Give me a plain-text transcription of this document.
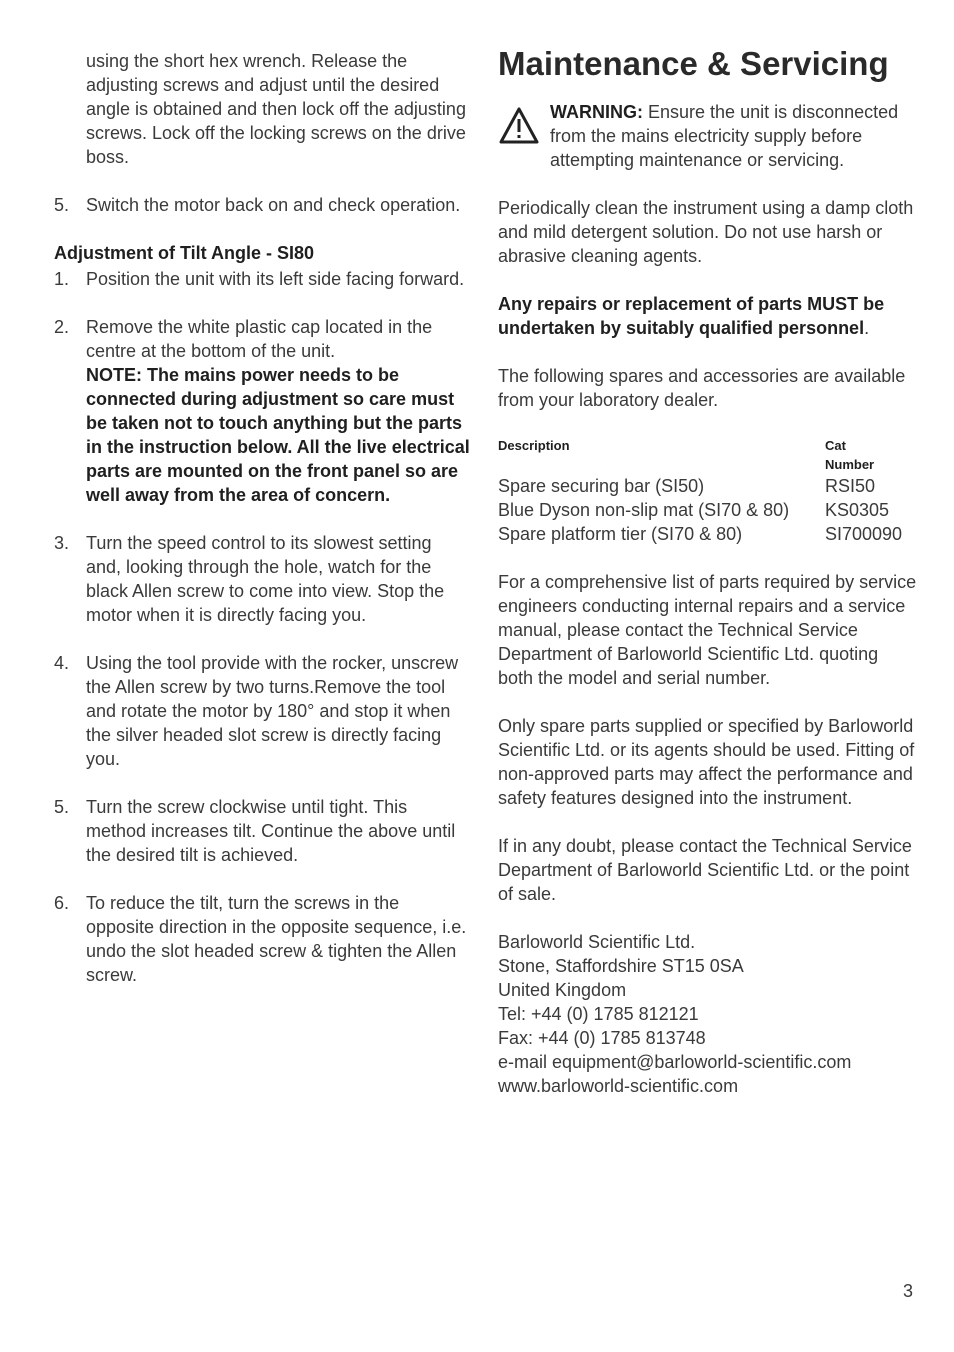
using the short hex wrench. Release the adjusting screws and adjust until the desired angle is obtained and then lock off the adjusting screws. Lock off the locking screws on the drive boss.
5. Switch the motor back on and check operation.
Adjustment of Tilt Angle - SI80
1. Position the unit with its left side facing forward.
2. Remove the white plastic cap located in the centre at the bottom of the unit.
NOTE: The mains power needs to be connected during adjustment so care must be taken not to touch anything but the parts in the instruction below. All the live electrical parts are mounted on the front panel so are well away from the area of concern.
3. Turn the speed control to its slowest setting and, looking through the hole, watch for the black Allen screw to come into view. Stop the motor when it is directly facing you.
4. Using the tool provide with the rocker, unscrew the Allen screw by two turns.Remove the tool and rotate the motor by 180° and stop it when the silver headed slot screw is directly facing you.
5. Turn the screw clockwise until tight. This method increases tilt. Continue the above until the desired tilt is achieved.
6. To reduce the tilt, turn the screws in the opposite direction in the opposite sequence, i.e. undo the slot headed screw & tighten the Allen screw.
Maintenance & Servicing
WARNING: Ensure the unit is disconnected from the mains electricity supply before attempting maintenance or servicing.
Periodically clean the instrument using a damp cloth and mild detergent solution. Do not use harsh or abrasive cleaning agents.
Any repairs or replacement of parts MUST be undertaken by suitably qualified personnel.
The following spares and accessories are available from your laboratory dealer.
Description	Cat
Number

Spare securing bar (SI50)	RSI50
Blue Dyson non-slip mat (SI70 & 80)	KS0305
Spare platform tier (SI70 & 80)	SI700090
For a comprehensive list of parts required by service engineers conducting internal repairs and a service manual, please contact the Technical Service Department of Barloworld Scientific Ltd. quoting both the model and serial number.
Only spare parts supplied or specified by Barloworld Scientific Ltd. or its agents should be used. Fitting of non-approved parts may affect the performance and safety features designed into the instrument.
If in any doubt, please contact the Technical Service Department of Barloworld Scientific Ltd. or the point of sale.
Barloworld Scientific Ltd.
Stone, Staffordshire ST15 0SA
United Kingdom
Tel: +44 (0) 1785 812121
Fax: +44 (0) 1785 813748
e-mail equipment@barloworld-scientific.com
www.barloworld-scientific.com
3
